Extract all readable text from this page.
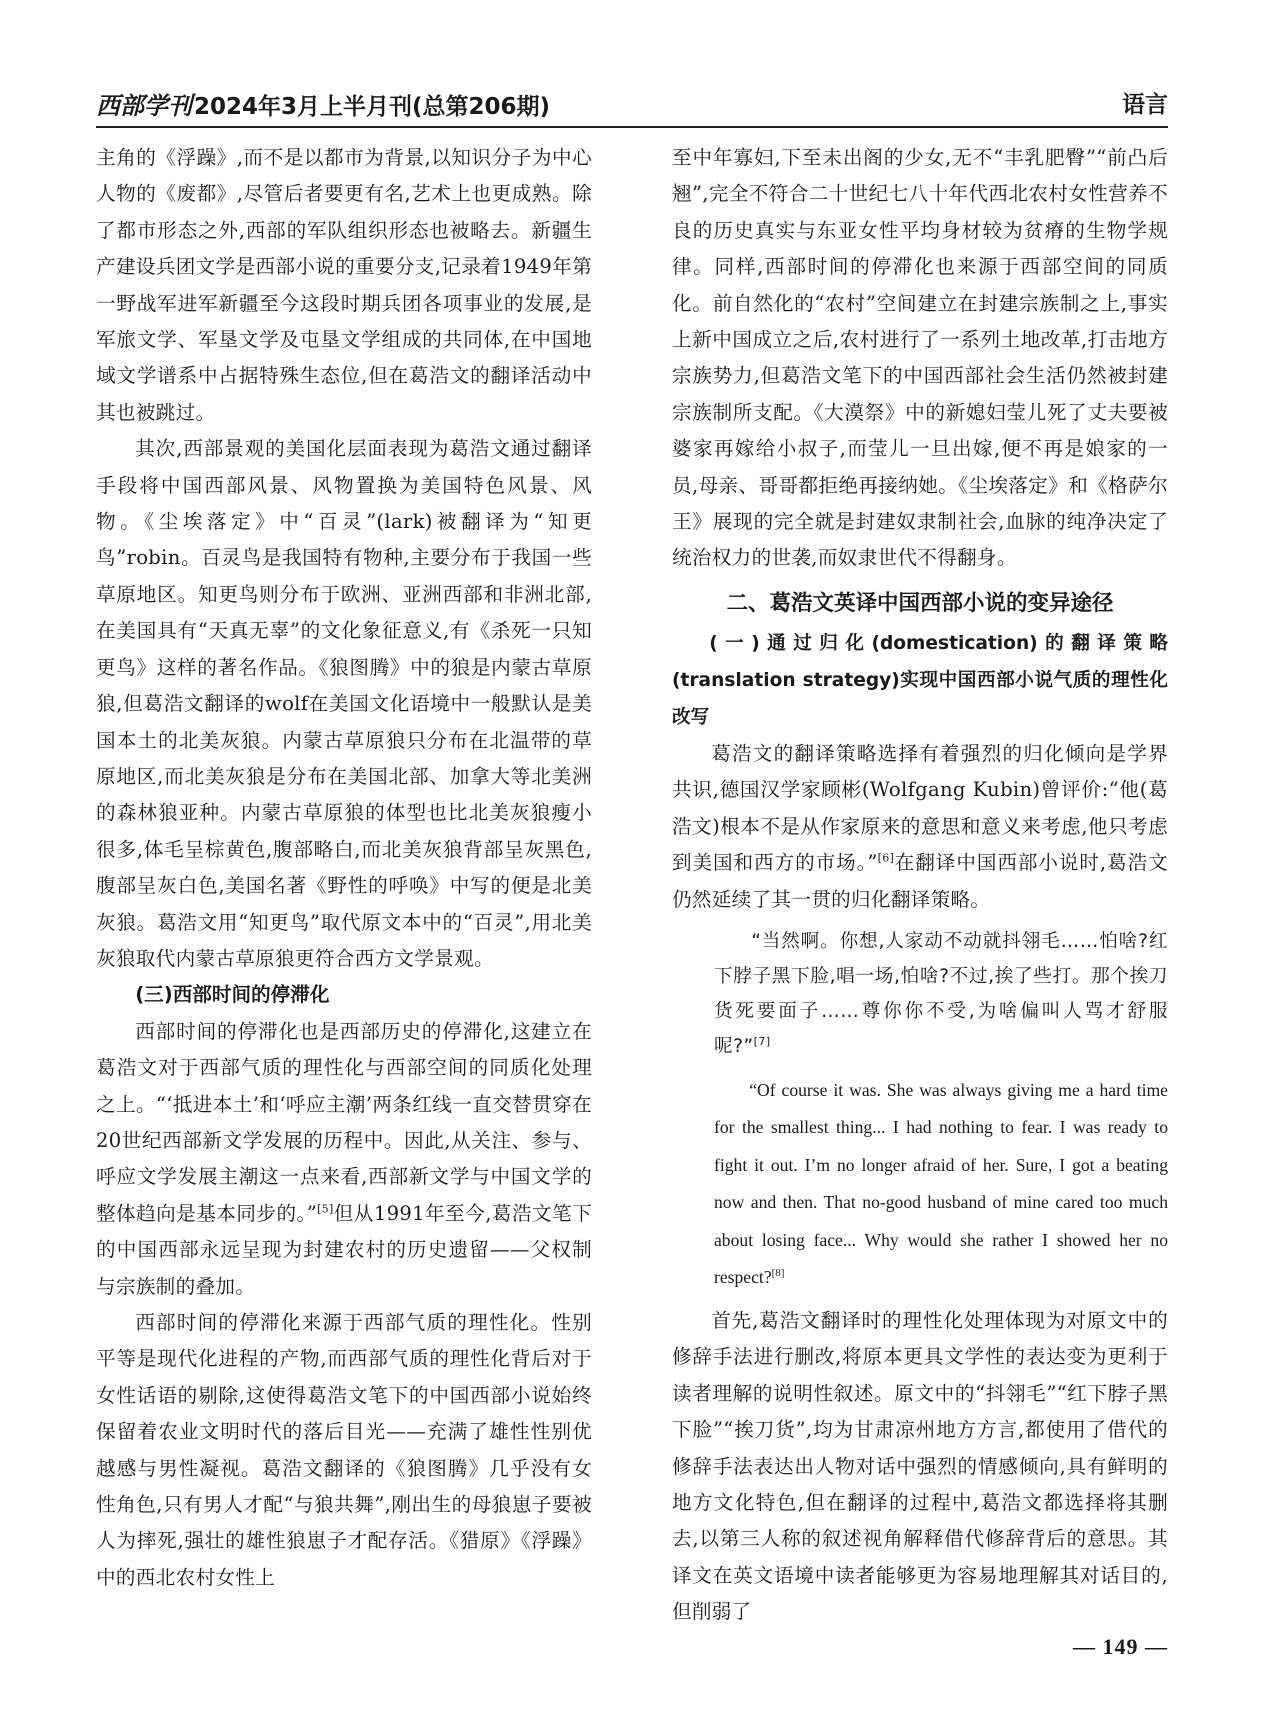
西部学刊2024年3月上半月刊(总第206期)	语言

主角的《浮躁》,而不是以都市为背景,以知识分子为中心人物的《废都》,尽管后者要更有名,艺术上也更成熟。除了都市形态之外,西部的军队组织形态也被略去。新疆生产建设兵团文学是西部小说的重要分支,记录着1949年第一野战军进军新疆至今这段时期兵团各项事业的发展,是军旅文学、军垦文学及屯垦文学组成的共同体,在中国地域文学谱系中占据特殊生态位,但在葛浩文的翻译活动中其也被跳过。

其次,西部景观的美国化层面表现为葛浩文通过翻译手段将中国西部风景、风物置换为美国特色风景、风物。《尘埃落定》中“百灵”(lark)被翻译为“知更鸟”robin。百灵鸟是我国特有物种,主要分布于我国一些草原地区。知更鸟则分布于欧洲、亚洲西部和非洲北部,在美国具有“天真无辜”的文化象征意义,有《杀死一只知更鸟》这样的著名作品。《狼图腾》中的狼是内蒙古草原狼,但葛浩文翻译的wolf在美国文化语境中一般默认是美国本土的北美灰狼。内蒙古草原狼只分布在北温带的草原地区,而北美灰狼是分布在美国北部、加拿大等北美洲的森林狼亚种。内蒙古草原狼的体型也比北美灰狼瘦小很多,体毛呈棕黄色,腹部略白,而北美灰狼背部呈灰黑色,腹部呈灰白色,美国名著《野性的呼唤》中写的便是北美灰狼。葛浩文用“知更鸟”取代原文本中的“百灵”,用北美灰狼取代内蒙古草原狼更符合西方文学景观。

(三)西部时间的停滞化

西部时间的停滞化也是西部历史的停滞化,这建立在葛浩文对于西部气质的理性化与西部空间的同质化处理之上。“‘抵进本土’和‘呼应主潮’两条红线一直交替贯穿在20世纪西部新文学发展的历程中。因此,从关注、参与、呼应文学发展主潮这一点来看,西部新文学与中国文学的整体趋向是基本同步的。”[5]但从1991年至今,葛浩文笔下的中国西部永远呈现为封建农村的历史遗留——父权制与宗族制的叠加。

西部时间的停滞化来源于西部气质的理性化。性别平等是现代化进程的产物,而西部气质的理性化背后对于女性话语的剔除,这使得葛浩文笔下的中国西部小说始终保留着农业文明时代的落后目光——充满了雄性性别优越感与男性凝视。葛浩文翻译的《狼图腾》几乎没有女性角色,只有男人才配“与狼共舞”,刚出生的母狼崽子要被人为摔死,强壮的雄性狼崽子才配存活。《猎原》《浮躁》中的西北农村女性上

至中年寡妇,下至未出阁的少女,无不“丰乳肥臀”“前凸后翘”,完全不符合二十世纪七八十年代西北农村女性营养不良的历史真实与东亚女性平均身材较为贫瘠的生物学规律。同样,西部时间的停滞化也来源于西部空间的同质化。前自然化的“农村”空间建立在封建宗族制之上,事实上新中国成立之后,农村进行了一系列土地改革,打击地方宗族势力,但葛浩文笔下的中国西部社会生活仍然被封建宗族制所支配。《大漠祭》中的新媳妇莹儿死了丈夫要被婆家再嫁给小叔子,而莹儿一旦出嫁,便不再是娘家的一员,母亲、哥哥都拒绝再接纳她。《尘埃落定》和《格萨尔王》展现的完全就是封建奴隶制社会,血脉的纯净决定了统治权力的世袭,而奴隶世代不得翻身。

二、葛浩文英译中国西部小说的变异途径

(一)通过归化(domestication)的翻译策略(translation strategy)实现中国西部小说气质的理性化改写

葛浩文的翻译策略选择有着强烈的归化倾向是学界共识,德国汉学家顾彬(Wolfgang Kubin)曾评价:“他(葛浩文)根本不是从作家原来的意思和意义来考虑,他只考虑到美国和西方的市场。”[6]在翻译中国西部小说时,葛浩文仍然延续了其一贯的归化翻译策略。

“当然啊。你想,人家动不动就抖翎毛……怕啥?红下脖子黑下脸,唱一场,怕啥?不过,挨了些打。那个挨刀货死要面子……尊你你不受,为啥偏叫人骂才舒服呢?”[7]

“Of course it was. She was always giving me a hard time for the smallest thing... I had nothing to fear. I was ready to fight it out. I’m no longer afraid of her. Sure, I got a beating now and then. That no-good husband of mine cared too much about losing face... Why would she rather I showed her no respect?[8]

首先,葛浩文翻译时的理性化处理体现为对原文中的修辞手法进行删改,将原本更具文学性的表达变为更利于读者理解的说明性叙述。原文中的“抖翎毛”“红下脖子黑下脸”“挨刀货”,均为甘肃凉州地方方言,都使用了借代的修辞手法表达出人物对话中强烈的情感倾向,具有鲜明的地方文化特色,但在翻译的过程中,葛浩文都选择将其删去,以第三人称的叙述视角解释借代修辞背后的意思。其译文在英文语境中读者能够更为容易地理解其对话目的,但削弱了

— 149 —
